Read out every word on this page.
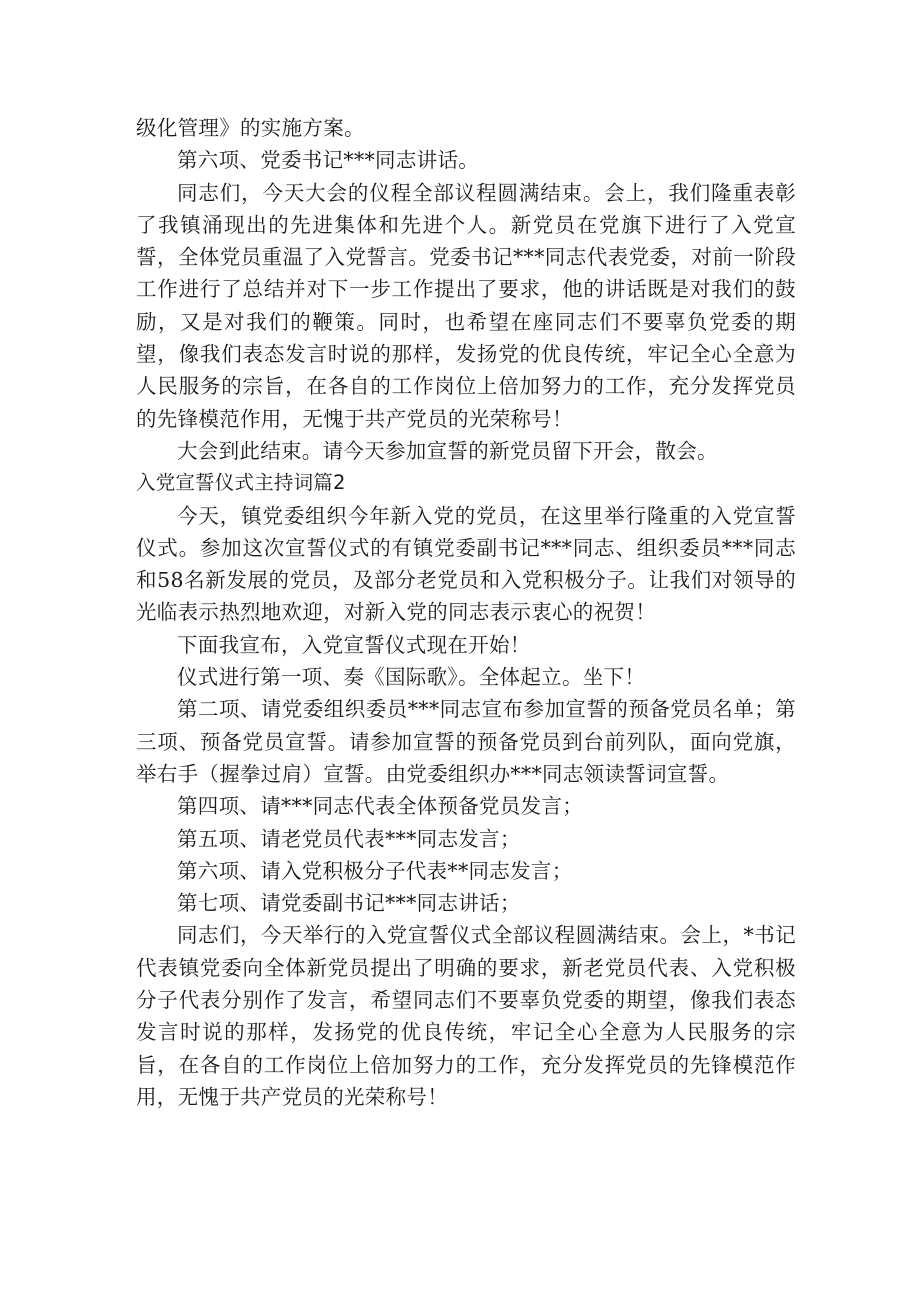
级化管理》的实施方案。

第六项、党委书记***同志讲话。

同志们，今天大会的仪程全部议程圆满结束。会上，我们隆重表彰了我镇涌现出的先进集体和先进个人。新党员在党旗下进行了入党宣誓，全体党员重温了入党誓言。党委书记***同志代表党委，对前一阶段工作进行了总结并对下一步工作提出了要求，他的讲话既是对我们的鼓励，又是对我们的鞭策。同时，也希望在座同志们不要辜负党委的期望，像我们表态发言时说的那样，发扬党的优良传统，牢记全心全意为人民服务的宗旨，在各自的工作岗位上倍加努力的工作，充分发挥党员的先锋模范作用，无愧于共产党员的光荣称号！

大会到此结束。请今天参加宣誓的新党员留下开会，散会。

入党宣誓仪式主持词篇2

今天，镇党委组织今年新入党的党员，在这里举行隆重的入党宣誓仪式。参加这次宣誓仪式的有镇党委副书记***同志、组织委员***同志和58名新发展的党员，及部分老党员和入党积极分子。让我们对领导的光临表示热烈地欢迎，对新入党的同志表示衷心的祝贺！

下面我宣布，入党宣誓仪式现在开始！

仪式进行第一项、奏《国际歌》。全体起立。坐下！

第二项、请党委组织委员***同志宣布参加宣誓的预备党员名单；第三项、预备党员宣誓。请参加宣誓的预备党员到台前列队，面向党旗，举右手（握拳过肩）宣誓。由党委组织办***同志领读誓词宣誓。

第四项、请***同志代表全体预备党员发言；

第五项、请老党员代表***同志发言；

第六项、请入党积极分子代表**同志发言；

第七项、请党委副书记***同志讲话；

同志们，今天举行的入党宣誓仪式全部议程圆满结束。会上，*书记代表镇党委向全体新党员提出了明确的要求，新老党员代表、入党积极分子代表分别作了发言，希望同志们不要辜负党委的期望，像我们表态发言时说的那样，发扬党的优良传统，牢记全心全意为人民服务的宗旨，在各自的工作岗位上倍加努力的工作，充分发挥党员的先锋模范作用，无愧于共产党员的光荣称号！
